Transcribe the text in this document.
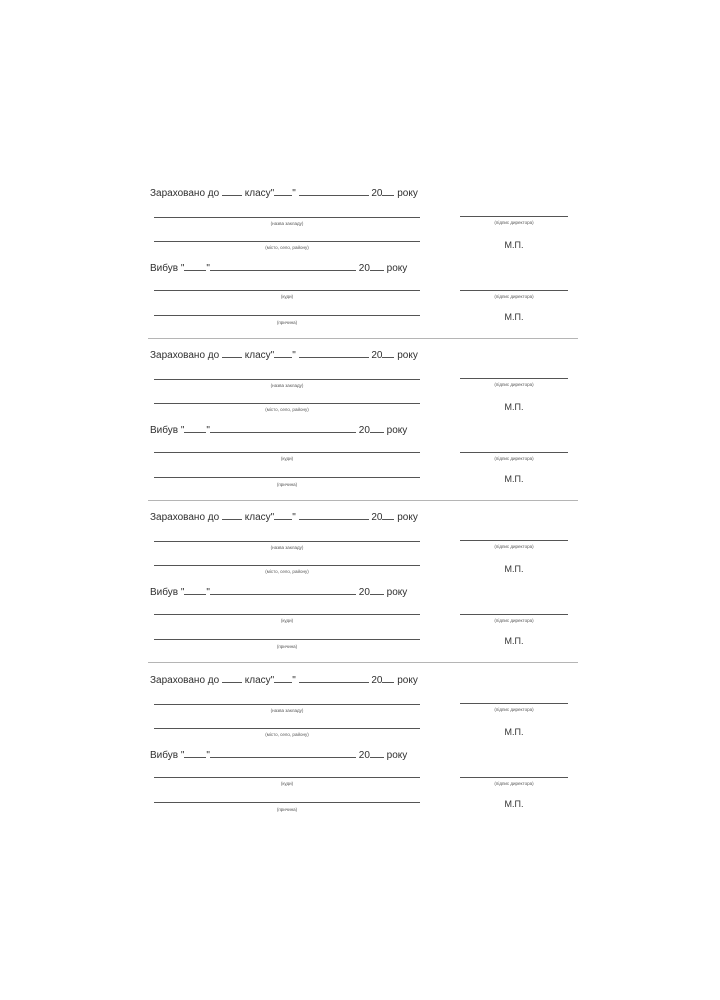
Зараховано до	класу" "	20 року
(назва закладу)	(підпис директора)
(місто, село, району)	М.П.
Вибув " "	20 року
(куди)	(підпис директора)
(причина)
М.П.
Зараховано до	класу" "	20 року
(назва закладу)	(підпис директора)
(місто, село, району)	М.П.
Вибув " "	20 року
(куди)	(підпис директора)
(причина)
М.П.
Зараховано до	класу" "	20 року
(назва закладу)	(підпис директора)
(місто, село, району)	М.П.
Вибув " "	20 року
(куди)	(підпис директора)
(причина)
М.П.
Зараховано до	класу" "	20 року
(назва закладу)	(підпис директора)
(місто, село, району)	М.П.
Вибув " "	20 року
(куди)	(підпис директора)
(причина)
М.П.
